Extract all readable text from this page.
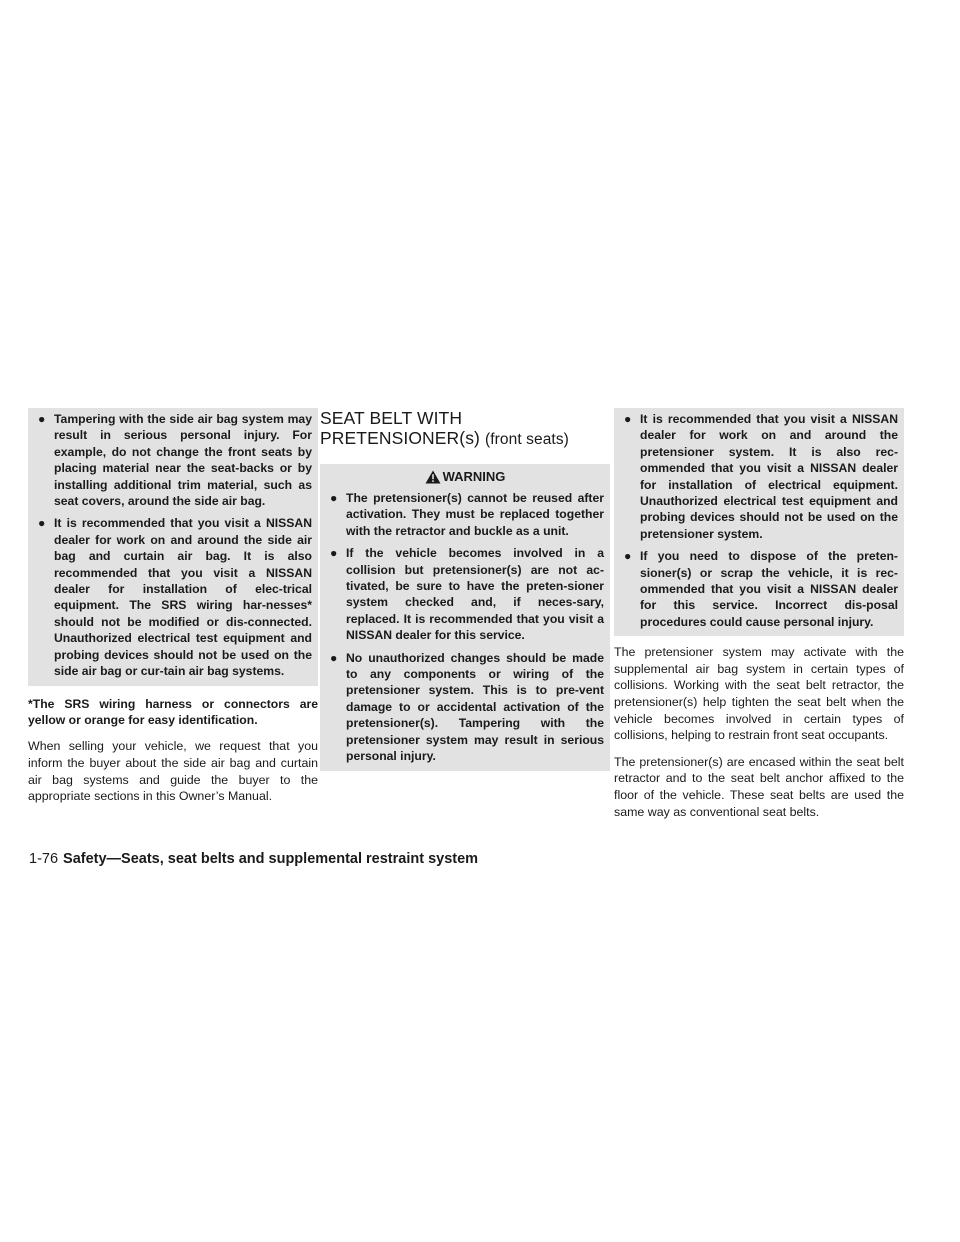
● Tampering with the side air bag system may result in serious personal injury. For example, do not change the front seats by placing material near the seat-backs or by installing additional trim material, such as seat covers, around the side air bag.
● It is recommended that you visit a NISSAN dealer for work on and around the side air bag and curtain air bag. It is also recommended that you visit a NISSAN dealer for installation of elec-trical equipment. The SRS wiring har-nesses* should not be modified or dis-connected. Unauthorized electrical test equipment and probing devices should not be used on the side air bag or cur-tain air bag systems.

*The SRS wiring harness or connectors are yellow or orange for easy identification.

When selling your vehicle, we request that you inform the buyer about the side air bag and curtain air bag systems and guide the buyer to the appropriate sections in this Owner’s Manual.

SEAT BELT WITH
PRETENSIONER(s) (front seats)
WARNING
● The pretensioner(s) cannot be reused after activation. They must be replaced together with the retractor and buckle as a unit.
● If the vehicle becomes involved in a collision but pretensioner(s) are not ac-tivated, be sure to have the preten-sioner system checked and, if neces-sary, replaced. It is recommended that you visit a NISSAN dealer for this service.
● No unauthorized changes should be made to any components or wiring of the pretensioner system. This is to pre-vent damage to or accidental activation of the pretensioner(s). Tampering with the pretensioner system may result in serious personal injury.
● It is recommended that you visit a NISSAN dealer for work on and around the pretensioner system. It is also rec-ommended that you visit a NISSAN dealer for installation of electrical equipment. Unauthorized electrical test equipment and probing devices should not be used on the pretensioner system.
● If you need to dispose of the preten-sioner(s) or scrap the vehicle, it is rec-ommended that you visit a NISSAN dealer for this service. Incorrect dis-posal procedures could cause personal injury.

The pretensioner system may activate with the supplemental air bag system in certain types of collisions. Working with the seat belt retractor, the pretensioner(s) help tighten the seat belt when the vehicle becomes involved in certain types of collisions, helping to restrain front seat occupants.

The pretensioner(s) are encased within the seat belt retractor and to the seat belt anchor affixed to the floor of the vehicle. These seat belts are used the same way as conventional seat belts.

1-76 Safety—Seats, seat belts and supplemental restraint system
